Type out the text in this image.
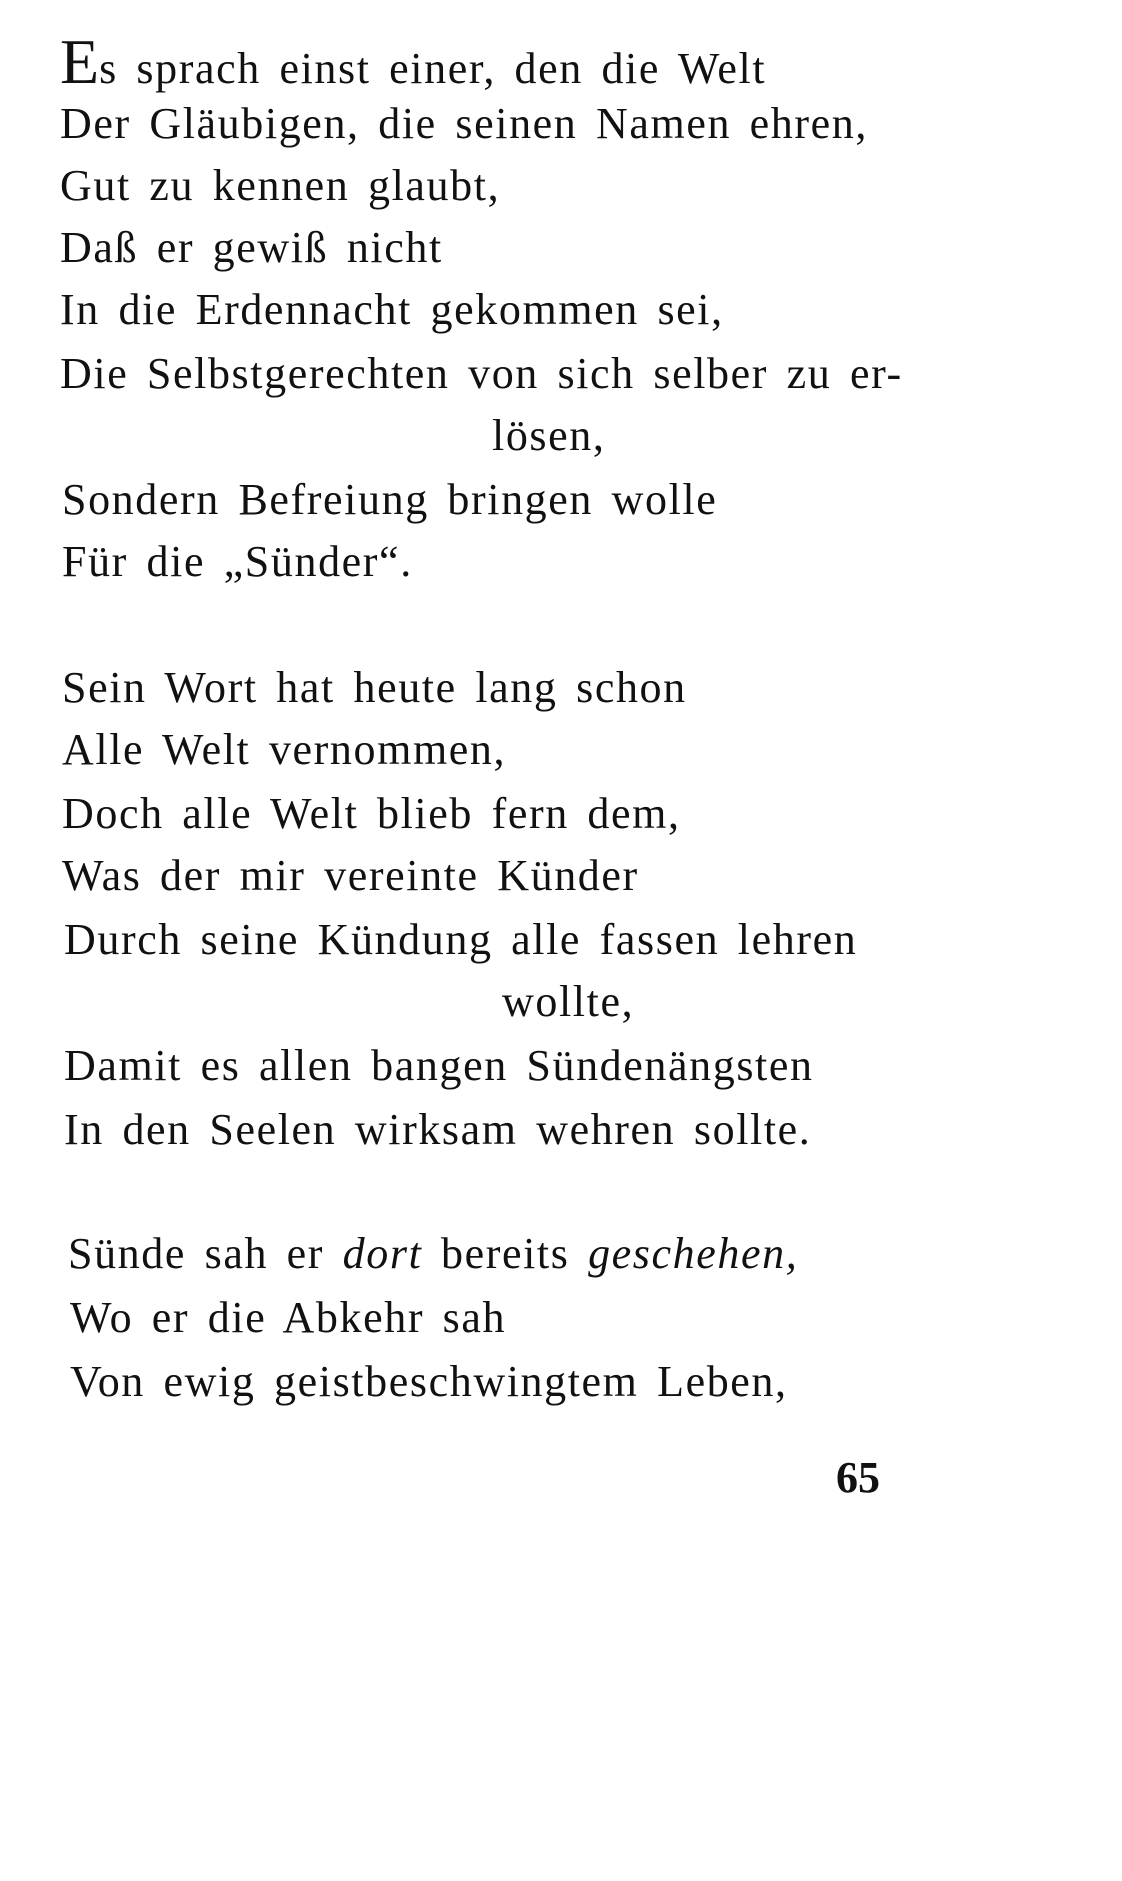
Es sprach einst einer, den die Welt
Der Gläubigen, die seinen Namen ehren,
Gut zu kennen glaubt,
Daß er gewiß nicht
In die Erdennacht gekommen sei,
Die Selbstgerechten von sich selber zu er-
lösen,
Sondern Befreiung bringen wolle
Für die „Sünder“.
Sein Wort hat heute lang schon
Alle Welt vernommen,
Doch alle Welt blieb fern dem,
Was der mir vereinte Künder
Durch seine Kündung alle fassen lehren
wollte,
Damit es allen bangen Sündenängsten
In den Seelen wirksam wehren sollte.
Sünde sah er dort bereits geschehen,
Wo er die Abkehr sah
Von ewig geistbeschwingtem Leben,
65
